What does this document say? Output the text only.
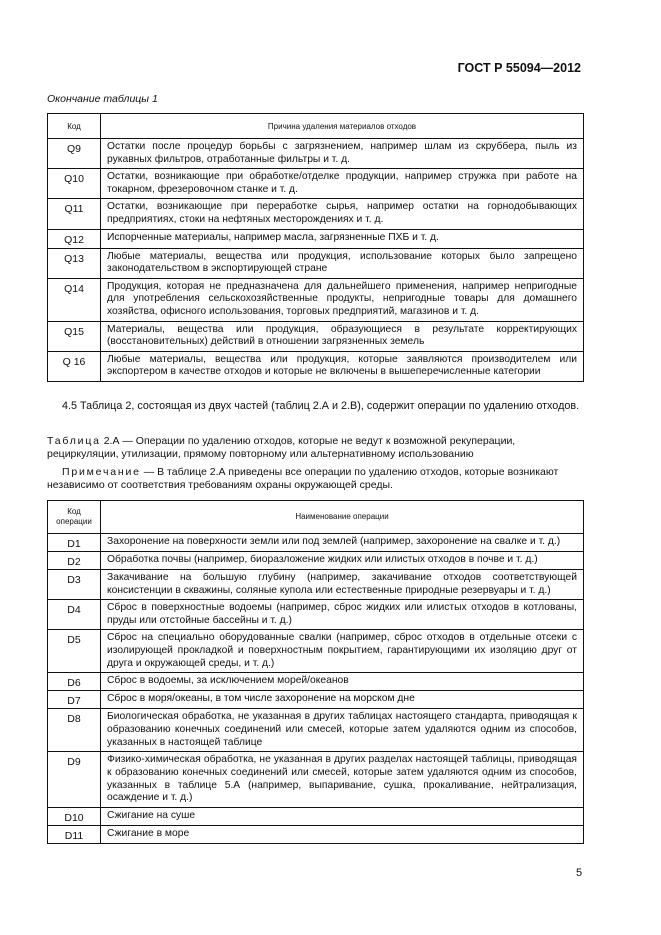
ГОСТ Р 55094—2012
Окончание таблицы 1
Код	Причина удаления материалов отходов
Q9	Остатки после процедур борьбы с загрязнением, например шлам из скруббера, пыль из рукавных фильтров, отработанные фильтры и т. д.
Q10	Остатки, возникающие при обработке/отделке продукции, например стружка при работе на токарном, фрезеровочном станке и т. д.
Q11	Остатки, возникающие при переработке сырья, например остатки на горнодобывающих предприятиях, стоки на нефтяных месторождениях и т. д.
Q12	Испорченные материалы, например масла, загрязненные ПХБ и т. д.
Q13	Любые материалы, вещества или продукция, использование которых было запрещено законодательством в экспортирующей стране
Q14	Продукция, которая не предназначена для дальнейшего применения, например непригодные для употребления сельскохозяйственные продукты, непригодные товары для домашнего хозяйства, офисного использования, торговых предприятий, магазинов и т. д.
Q15	Материалы, вещества или продукция, образующиеся в результате корректирующих (восстановительных) действий в отношении загрязненных земель
Q 16	Любые материалы, вещества или продукция, которые заявляются производителем или экспортером в качестве отходов и которые не включены в вышеперечисленные категории
4.5 Таблица 2, состоящая из двух частей (таблиц 2.А и 2.В), содержит операции по удалению отходов.
Таблица 2.А — Операции по удалению отходов, которые не ведут к возможной рекуперации, рециркуляции, утилизации, прямому повторному или альтернативному использованию
Примечание — В таблице 2.А приведены все операции по удалению отходов, которые возникают независимо от соответствия требованиям охраны окружающей среды.
Код операции	Наименование операции
D1	Захоронение на поверхности земли или под землей (например, захоронение на свалке и т. д.)
D2	Обработка почвы (например, биоразложение жидких или илистых отходов в почве и т. д.)
D3	Закачивание на большую глубину (например, закачивание отходов соответствующей консистенции в скважины, соляные купола или естественные природные резервуары и т. д.)
D4	Сброс в поверхностные водоемы (например, сброс жидких или илистых отходов в котлованы, пруды или отстойные бассейны и т. д.)
D5	Сброс на специально оборудованные свалки (например, сброс отходов в отдельные отсеки с изолирующей прокладкой и поверхностным покрытием, гарантирующими их изоляцию друг от друга и окружающей среды, и т. д.)
D6	Сброс в водоемы, за исключением морей/океанов
D7	Сброс в моря/океаны, в том числе захоронение на морском дне
D8	Биологическая обработка, не указанная в других таблицах настоящего стандарта, приводящая к образованию конечных соединений или смесей, которые затем удаляются одним из способов, указанных в настоящей таблице
D9	Физико-химическая обработка, не указанная в других разделах настоящей таблицы, приводящая к образованию конечных соединений или смесей, которые затем удаляются одним из способов, указанных в таблице 5.А (например, выпаривание, сушка, прокаливание, нейтрализация, осаждение и т. д.)
D10	Сжигание на суше
D11	Сжигание в море
5
